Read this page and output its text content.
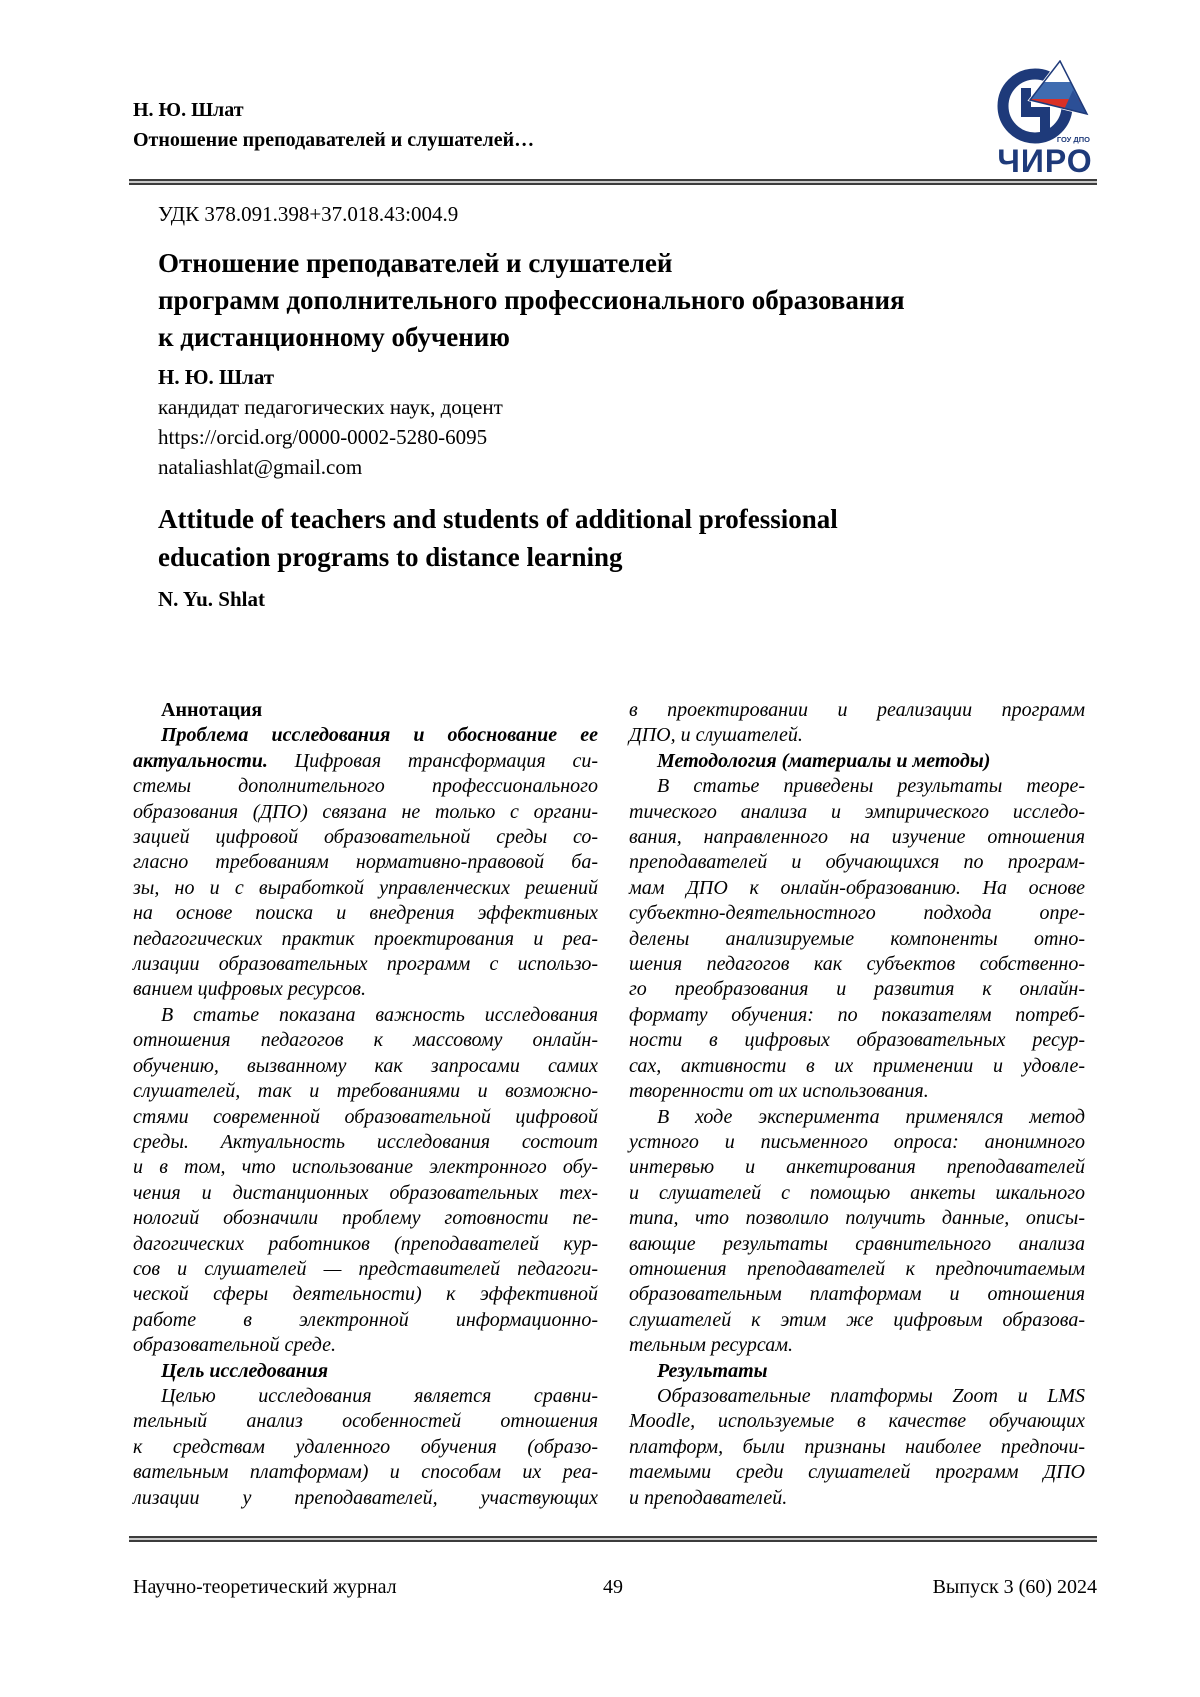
Н. Ю. Шлат
Отношение преподавателей и слушателей…	ГОУ ДПО
ЧИРО
УДК 378.091.398+37.018.43:004.9
Отношение преподавателей и слушателей
программ дополнительного профессионального образования
к дистанционному обучению
Н. Ю. Шлат
кандидат педагогических наук, доцент
https://orcid.org/0000-0002-5280-6095
nataliashlat@gmail.com
Attitude of teachers and students of additional professional
education programs to distance learning
N. Yu. Shlat
Аннотация
Проблема исследования и обоснование ее
актуальности. Цифровая трансформация си-
стемы дополнительного профессионального
образования (ДПО) связана не только с органи-
зацией цифровой образовательной среды со-
гласно требованиям нормативно-правовой ба-
зы, но и с выработкой управленческих решений
на основе поиска и внедрения эффективных
педагогических практик проектирования и реа-
лизации образовательных программ с использо-
ванием цифровых ресурсов.
В статье показана важность исследования
отношения педагогов к массовому онлайн-
обучению, вызванному как запросами самих
слушателей, так и требованиями и возможно-
стями современной образовательной цифровой
среды. Актуальность исследования состоит
и в том, что использование электронного обу-
чения и дистанционных образовательных тех-
нологий обозначили проблему готовности пе-
дагогических работников (преподавателей кур-
сов и слушателей — представителей педагоги-
ческой сферы деятельности) к эффективной
работе в электронной информационно-
образовательной среде.
Цель исследования
Целью исследования является сравни-
тельный анализ особенностей отношения
к средствам удаленного обучения (образо-
вательным платформам) и способам их реа-
лизации у преподавателей, участвующих
в проектировании и реализации программ
ДПО, и слушателей.
Методология (материалы и методы)
В статье приведены результаты теоре-
тического анализа и эмпирического исследо-
вания, направленного на изучение отношения
преподавателей и обучающихся по програм-
мам ДПО к онлайн-образованию. На основе
субъектно-деятельностного подхода опре-
делены анализируемые компоненты отно-
шения педагогов как субъектов собственно-
го преобразования и развития к онлайн-
формату обучения: по показателям потреб-
ности в цифровых образовательных ресур-
сах, активности в их применении и удовле-
творенности от их использования.
В ходе эксперимента применялся метод
устного и письменного опроса: анонимного
интервью и анкетирования преподавателей
и слушателей с помощью анкеты шкального
типа, что позволило получить данные, описы-
вающие результаты сравнительного анализа
отношения преподавателей к предпочитаемым
образовательным платформам и отношения
слушателей к этим же цифровым образова-
тельным ресурсам.
Результаты
Образовательные платформы Zoom и LMS
Moodle, используемые в качестве обучающих
платформ, были признаны наиболее предпочи-
таемыми среди слушателей программ ДПО
и преподавателей.
Научно-теоретический журнал	49	Выпуск 3 (60) 2024
